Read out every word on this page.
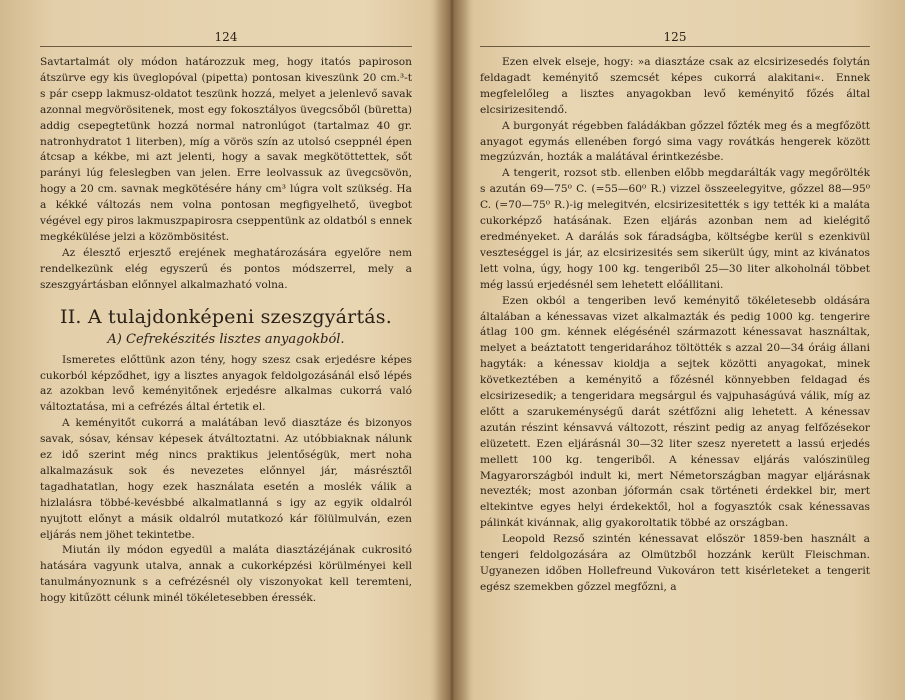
124

Savtartalmát oly módon határozzuk meg, hogy itatós papiroson átszürve egy kis üveglopóval (pipetta) pontosan kiveszünk 20 cm.³-t s pár csepp lakmusz-oldatot teszünk hozzá, melyet a jelenlevő savak azonnal megvörösitenek, most egy fokosztályos üvegcsőből (büretta) addig csepegtetünk hozzá normal natronlúgot (tartalmaz 40 gr. natronhydratot 1 literben), míg a vörös szín az utolsó cseppnél épen átcsap a kékbe, mi azt jelenti, hogy a savak megkötöttettek, sőt parányi lúg feleslegben van jelen. Erre leolvassuk az üvegcsövön, hogy a 20 cm. savnak megkötésére hány cm³ lúgra volt szükség. Ha a kékké változás nem volna pontosan megfigyelhető, üvegbot végével egy piros lakmuszpapirosra cseppentünk az oldatból s ennek megkékülése jelzi a közömbösitést.

Az élesztő erjesztő erejének meghatározására egyelőre nem rendelkezünk elég egyszerű és pontos módszerrel, mely a szeszgyártásban előnnyel alkalmazható volna.

II. A tulajdonképeni szeszgyártás.
A) Cefrekészités lisztes anyagokból.

Ismeretes előttünk azon tény, hogy szesz csak erjedésre képes cukorból képződhet, igy a lisztes anyagok feldolgozásánál első lépés az azokban levő keményitőnek erjedésre alkalmas cukorrá való változtatása, mi a cefrézés által értetik el.

A keményitőt cukorrá a malátában levő diasztáze és bizonyos savak, sósav, kénsav képesek átváltoztatni. Az utóbbiaknak nálunk ez idő szerint még nincs praktikus jelentőségük, mert noha alkalmazásuk sok és nevezetes előnnyel jár, másrésztől tagadhatatlan, hogy ezek használata esetén a moslék válik a hizlalásra többé-kevésbbé alkalmatlanná s igy az egyik oldalról nyujtott előnyt a másik oldalról mutatkozó kár fölülmulván, ezen eljárás nem jöhet tekintetbe.

Miután ily módon egyedül a maláta diasztázéjának cukrositó hatására vagyunk utalva, annak a cukorképzési körülményei kell tanulmányoznunk s a cefrézésnél oly viszonyokat kell teremteni, hogy kitűzött célunk minél tökéletesebben éressék.

125

Ezen elvek elseje, hogy: »a diasztáze csak az elcsirizesedés folytán feldagadt keményitő szemcsét képes cukorrá alakitani«. Ennek megfelelőleg a lisztes anyagokban levő keményitő főzés által elcsirizesitendő.

A burgonyát régebben faládákban gőzzel főzték meg és a megfőzött anyagot egymás ellenében forgó sima vagy rovátkás hengerek között megzúzván, hozták a malátával érintkezésbe.

A tengerit, rozsot stb. ellenben előbb megdarálták vagy megőrölték s azután 69—75⁰ C. (=55—60⁰ R.) vizzel összeelegyitve, gőzzel 88—95⁰ C. (=70—75⁰ R.)-ig melegitvén, elcsirizesitették s igy tették ki a maláta cukorképző hatásának. Ezen eljárás azonban nem ad kielégitő eredményeket. A darálás sok fáradságba, költségbe kerül s ezenkivül veszteséggel is jár, az elcsirizesités sem sikerült úgy, mint az kivánatos lett volna, úgy, hogy 100 kg. tengeriből 25—30 liter alkoholnál többet még lassú erjedésnél sem lehetett előállitani.

Ezen okból a tengeriben levő keményitő tökéletesebb oldására általában a kénessavas vizet alkalmazták és pedig 1000 kg. tengerire átlag 100 gm. kénnek elégésénél származott kénessavat használtak, melyet a beáztatott tengeridarához töltötték s azzal 20—34 óráig állani hagyták: a kénessav kioldja a sejtek közötti anyagokat, minek következtében a keményitő a főzésnél könnyebben feldagad és elcsirizesedik; a tengeridara megsárgul és vajpuhaságúvá válik, míg az előtt a szarukeménységű darát szétfőzni alig lehetett. A kénessav azután részint kénsavvá változott, részint pedig az anyag felfőzésekor elüzetett. Ezen eljárásnál 30—32 liter szesz nyeretett a lassú erjedés mellett 100 kg. tengeriből. A kénessav eljárás valószinüleg Magyarországból indult ki, mert Németországban magyar eljárásnak nevezték; most azonban jóformán csak történeti érdekkel bir, mert eltekintve egyes helyi érdekektől, hol a fogyasztók csak kénessavas pálinkát kivánnak, alig gyakoroltatik többé az országban.

Leopold Rezső szintén kénessavat először 1859-ben használt a tengeri feldolgozására az Olmützből hozzánk került Fleischman. Ugyanezen időben Hollefreund Vukováron tett kisérleteket a tengerit egész szemekben gőzzel megfőzni, a
